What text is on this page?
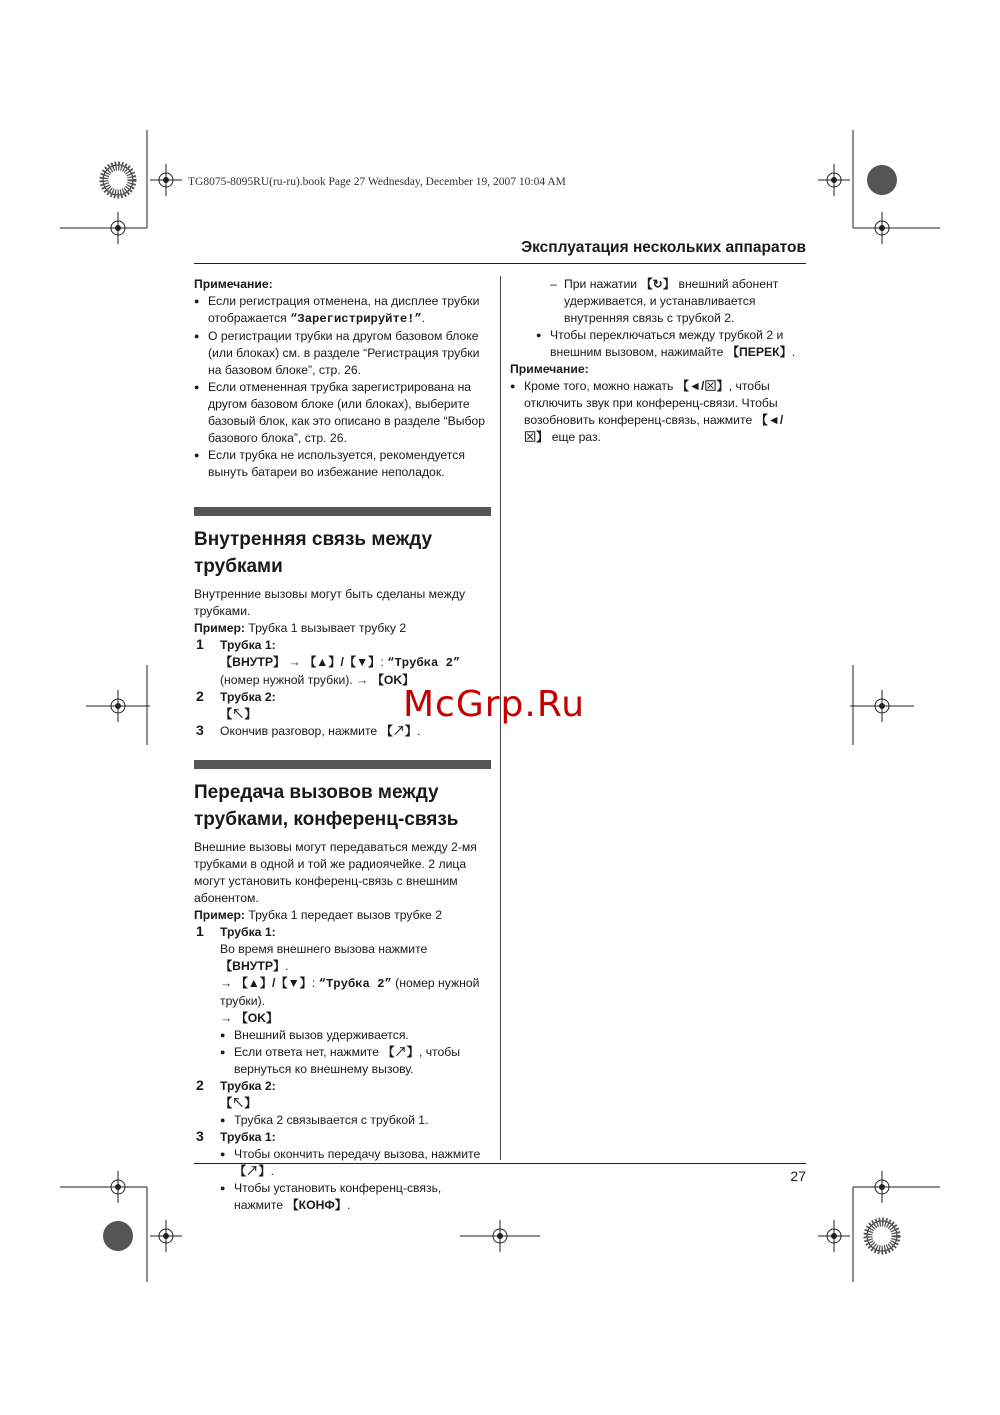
TG8075-8095RU(ru-ru).book Page 27 Wednesday, December 19, 2007 10:04 AM
Эксплуатация нескольких аппаратов
Примечание:
● Если регистрация отменена, на дисплее трубки отображается “Зарегистрируйте!”.
● О регистрации трубки на другом базовом блоке (или блоках) см. в разделе “Регистрация трубки на базовом блоке”, стр. 26.
● Если отмененная трубка зарегистрирована на другом базовом блоке (или блоках), выберите базовый блок, как это описано в разделе “Выбор базового блока”, стр. 26.
● Если трубка не используется, рекомендуется вынуть батареи во избежание неполадок.
Внутренняя связь между трубками
Внутренние вызовы могут быть сделаны между трубками.
Пример: Трубка 1 вызывает трубку 2
1 Трубка 1:
【ВНУТР】 → 【▲】/【▼】: “Трубка 2” (номер нужной трубки). → 【OK】
2 Трубка 2:
【↖】
3 Окончив разговор, нажмите 【↗】.
Передача вызовов между трубками, конференц-связь
Внешние вызовы могут передаваться между 2-мя трубками в одной и той же радиоячейке. 2 лица могут установить конференц-связь с внешним абонентом.
Пример: Трубка 1 передает вызов трубке 2
1 Трубка 1:
Во время внешнего вызова нажмите 【ВНУТР】.
→ 【▲】/【▼】: “Трубка 2” (номер нужной трубки).
→ 【OK】
● Внешний вызов удерживается.
● Если ответа нет, нажмите 【↗】, чтобы вернуться ко внешнему вызову.
2 Трубка 2:
【↖】
● Трубка 2 связывается с трубкой 1.
3 Трубка 1:
● Чтобы окончить передачу вызова, нажмите 【↗】.
● Чтобы установить конференц-связь, нажмите 【КОНФ】.
– При нажатии 【↻】 внешний абонент удерживается, и устанавливается внутренняя связь с трубкой 2.
● Чтобы переключаться между трубкой 2 и внешним вызовом, нажимайте 【ПЕРЕК】.
Примечание:
● Кроме того, можно нажать 【◄/⊠】, чтобы отключить звук при конференц-связи. Чтобы возобновить конференц-связь, нажмите 【◄/⊠】 еще раз.
McGrp.Ru
27
